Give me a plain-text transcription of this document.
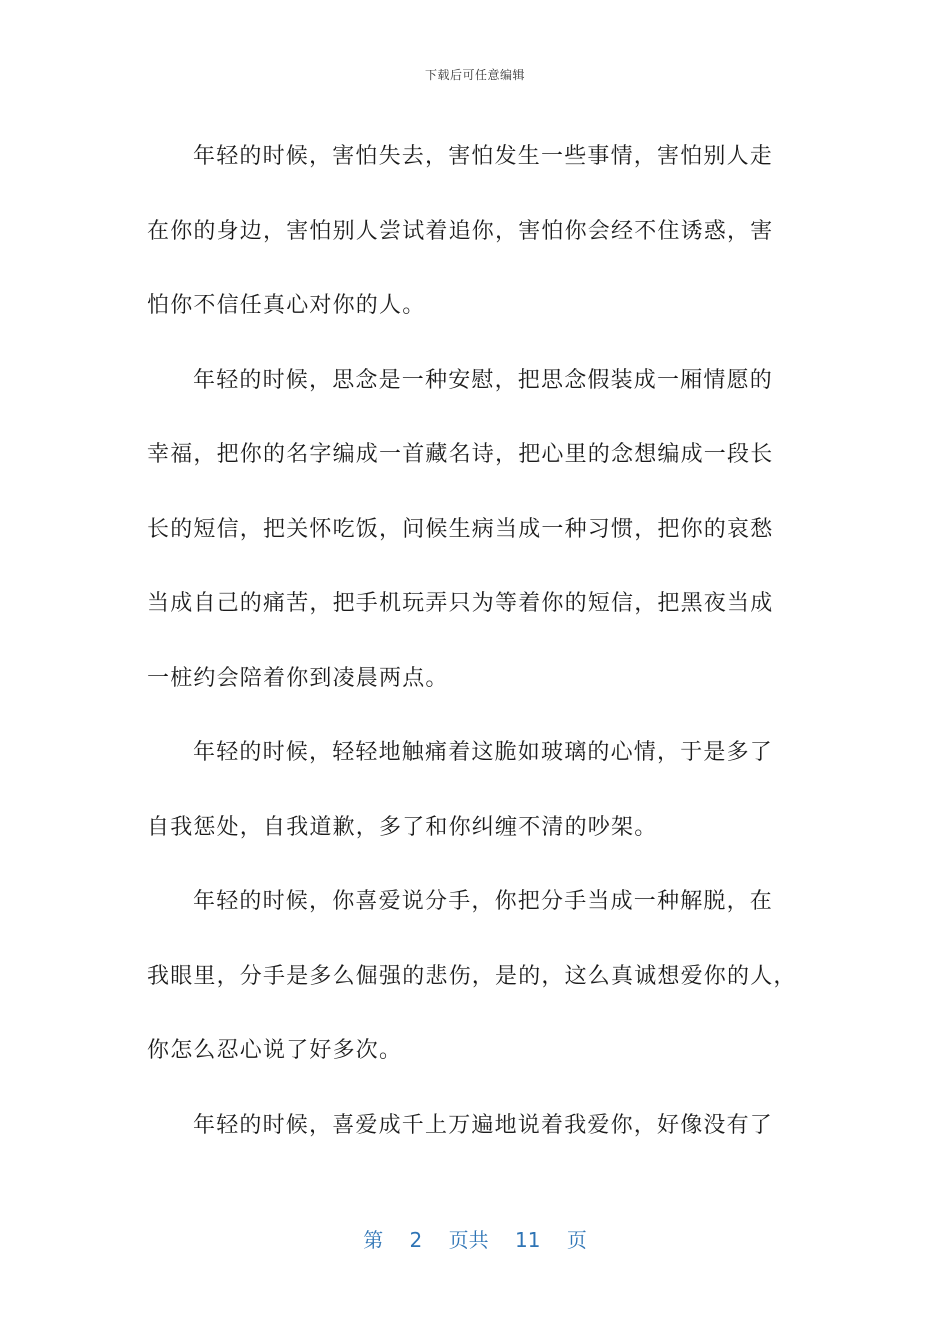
下载后可任意编辑

年轻的时候，害怕失去，害怕发生一些事情，害怕别人走
在你的身边，害怕别人尝试着追你，害怕你会经不住诱惑，害
怕你不信任真心对你的人。

年轻的时候，思念是一种安慰，把思念假装成一厢情愿的
幸福，把你的名字编成一首藏名诗，把心里的念想编成一段长
长的短信，把关怀吃饭，问候生病当成一种习惯，把你的哀愁
当成自己的痛苦，把手机玩弄只为等着你的短信，把黑夜当成
一桩约会陪着你到凌晨两点。

年轻的时候，轻轻地触痛着这脆如玻璃的心情，于是多了
自我惩处，自我道歉，多了和你纠缠不清的吵架。

年轻的时候，你喜爱说分手，你把分手当成一种解脱，在
我眼里，分手是多么倔强的悲伤，是的，这么真诚想爱你的人，
你怎么忍心说了好多次。

年轻的时候，喜爱成千上万遍地说着我爱你，好像没有了

第 2 页共 11 页
